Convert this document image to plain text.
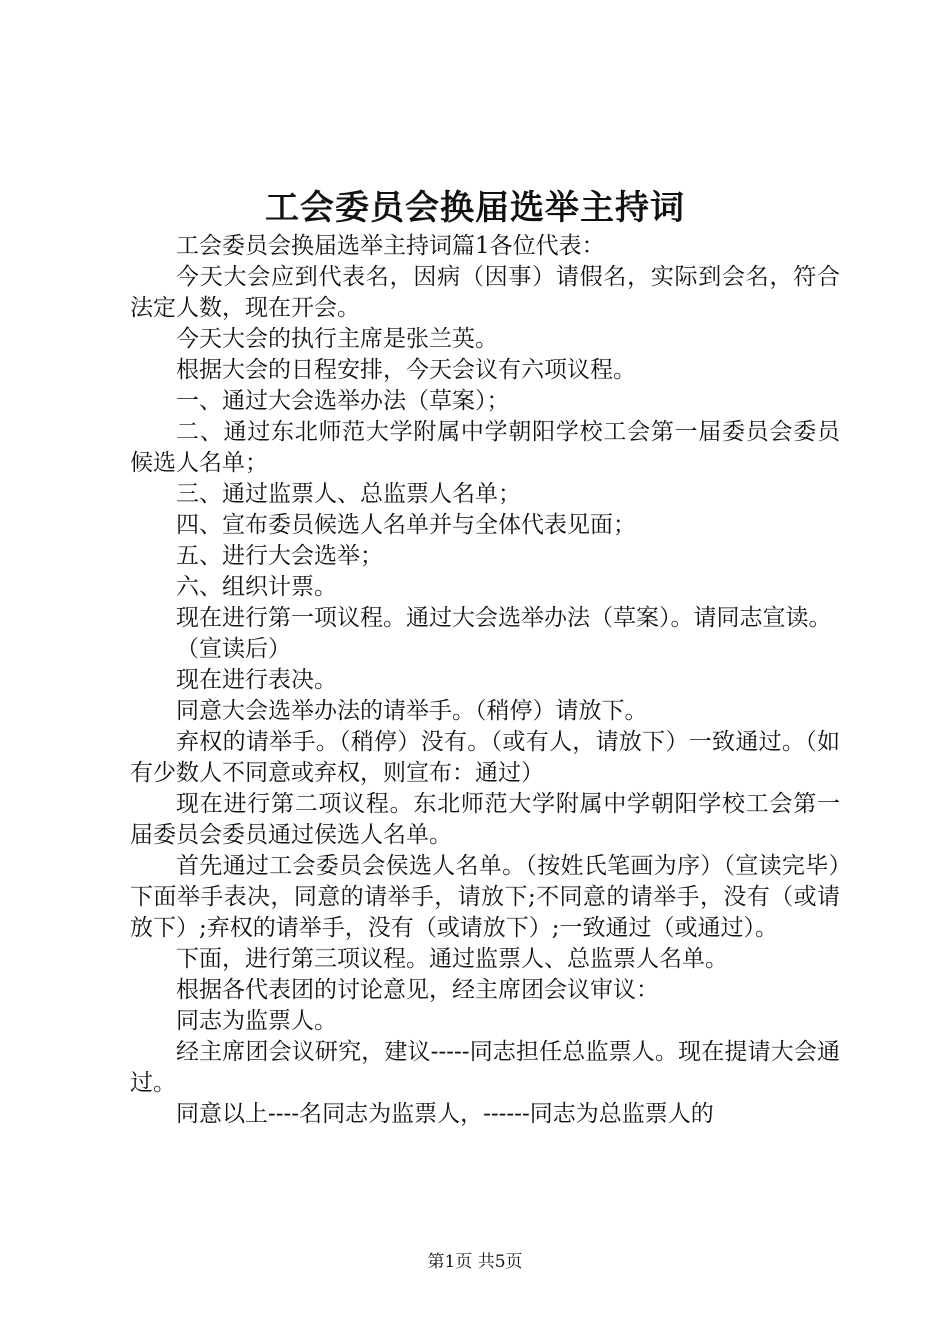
工会委员会换届选举主持词

工会委员会换届选举主持词篇1各位代表：

今天大会应到代表名，因病（因事）请假名，实际到会名，符合法定人数，现在开会。

今天大会的执行主席是张兰英。

根据大会的日程安排，今天会议有六项议程。

一、通过大会选举办法（草案）；

二、通过东北师范大学附属中学朝阳学校工会第一届委员会委员候选人名单；

三、通过监票人、总监票人名单；

四、宣布委员候选人名单并与全体代表见面；

五、进行大会选举；

六、组织计票。

现在进行第一项议程。通过大会选举办法（草案）。请同志宣读。

（宣读后）

现在进行表决。

同意大会选举办法的请举手。（稍停）请放下。

弃权的请举手。（稍停）没有。（或有人，请放下）一致通过。（如有少数人不同意或弃权，则宣布：通过）

现在进行第二项议程。东北师范大学附属中学朝阳学校工会第一届委员会委员通过侯选人名单。

首先通过工会委员会侯选人名单。（按姓氏笔画为序）（宣读完毕）下面举手表决，同意的请举手，请放下;不同意的请举手，没有（或请放下）;弃权的请举手，没有（或请放下）;一致通过（或通过）。

下面，进行第三项议程。通过监票人、总监票人名单。

根据各代表团的讨论意见，经主席团会议审议：

同志为监票人。

经主席团会议研究，建议-----同志担任总监票人。现在提请大会通过。

同意以上----名同志为监票人，------同志为总监票人的

第1页 共5页
